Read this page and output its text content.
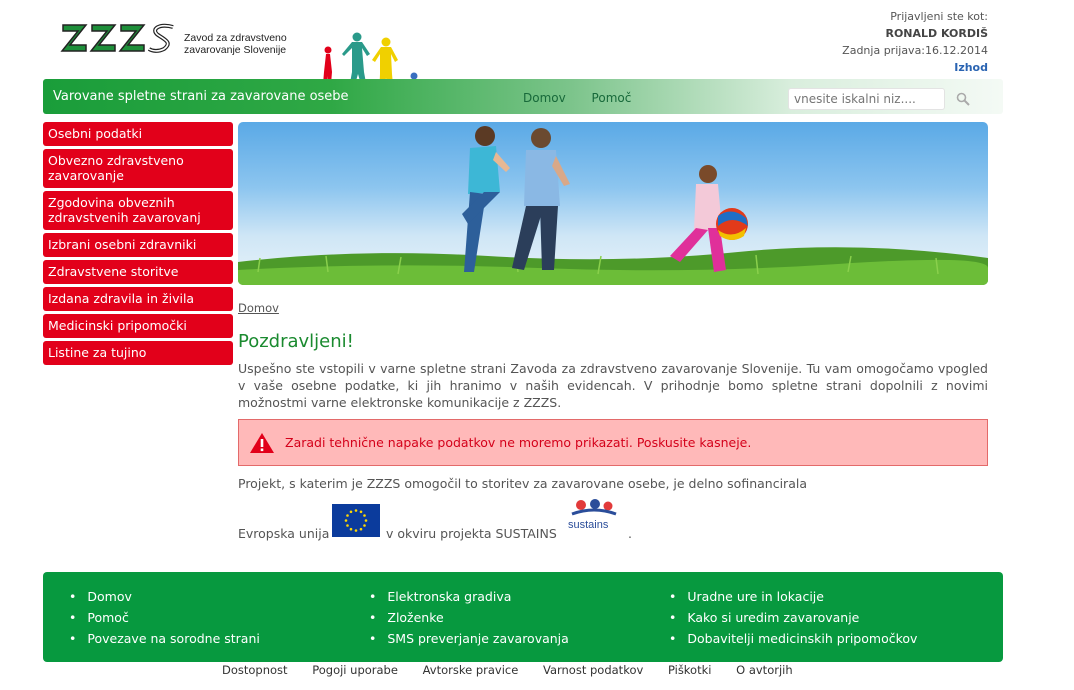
Zavod za zdravstveno
zavarovanje Slovenije
Prijavljeni ste kot:
RONALD KORDIŠ
Zadnja prijava:16.12.2014
Izhod
Varovane spletne strani za zavarovane osebe	Domov Pomoč
vnesite iskalni niz....
Osebni podatki
Obvezno zdravstveno zavarovanje
Zgodovina obveznih zdravstvenih zavarovanj
Izbrani osebni zdravniki
Zdravstvene storitve
Izdana zdravila in živila
Medicinski pripomočki
Listine za tujino
Domov
Pozdravljeni!
Uspešno ste vstopili v varne spletne strani Zavoda za zdravstveno zavarovanje Slovenije. Tu vam omogočamo vpogled v vaše osebne podatke, ki jih hranimo v naših evidencah. V prihodnje bomo spletne strani dopolnili z novimi možnostmi varne elektronske komunikacije z ZZZS.
Zaradi tehnične napake podatkov ne moremo prikazati. Poskusite kasneje.
Projekt, s katerim je ZZZS omogočil to storitev za zavarovane osebe, je delno sofinancirala
Evropska unija	v okviru projekta SUSTAINS
sustains
.
• Domov
• Pomoč
• Povezave na sorodne strani
• Elektronska gradiva
• Zloženke
• SMS preverjanje zavarovanja
• Uradne ure in lokacije
• Kako si uredim zavarovanje
• Dobavitelji medicinskih pripomočkov
Dostopnost Pogoji uporabe Avtorske pravice Varnost podatkov Piškotki O avtorjih
